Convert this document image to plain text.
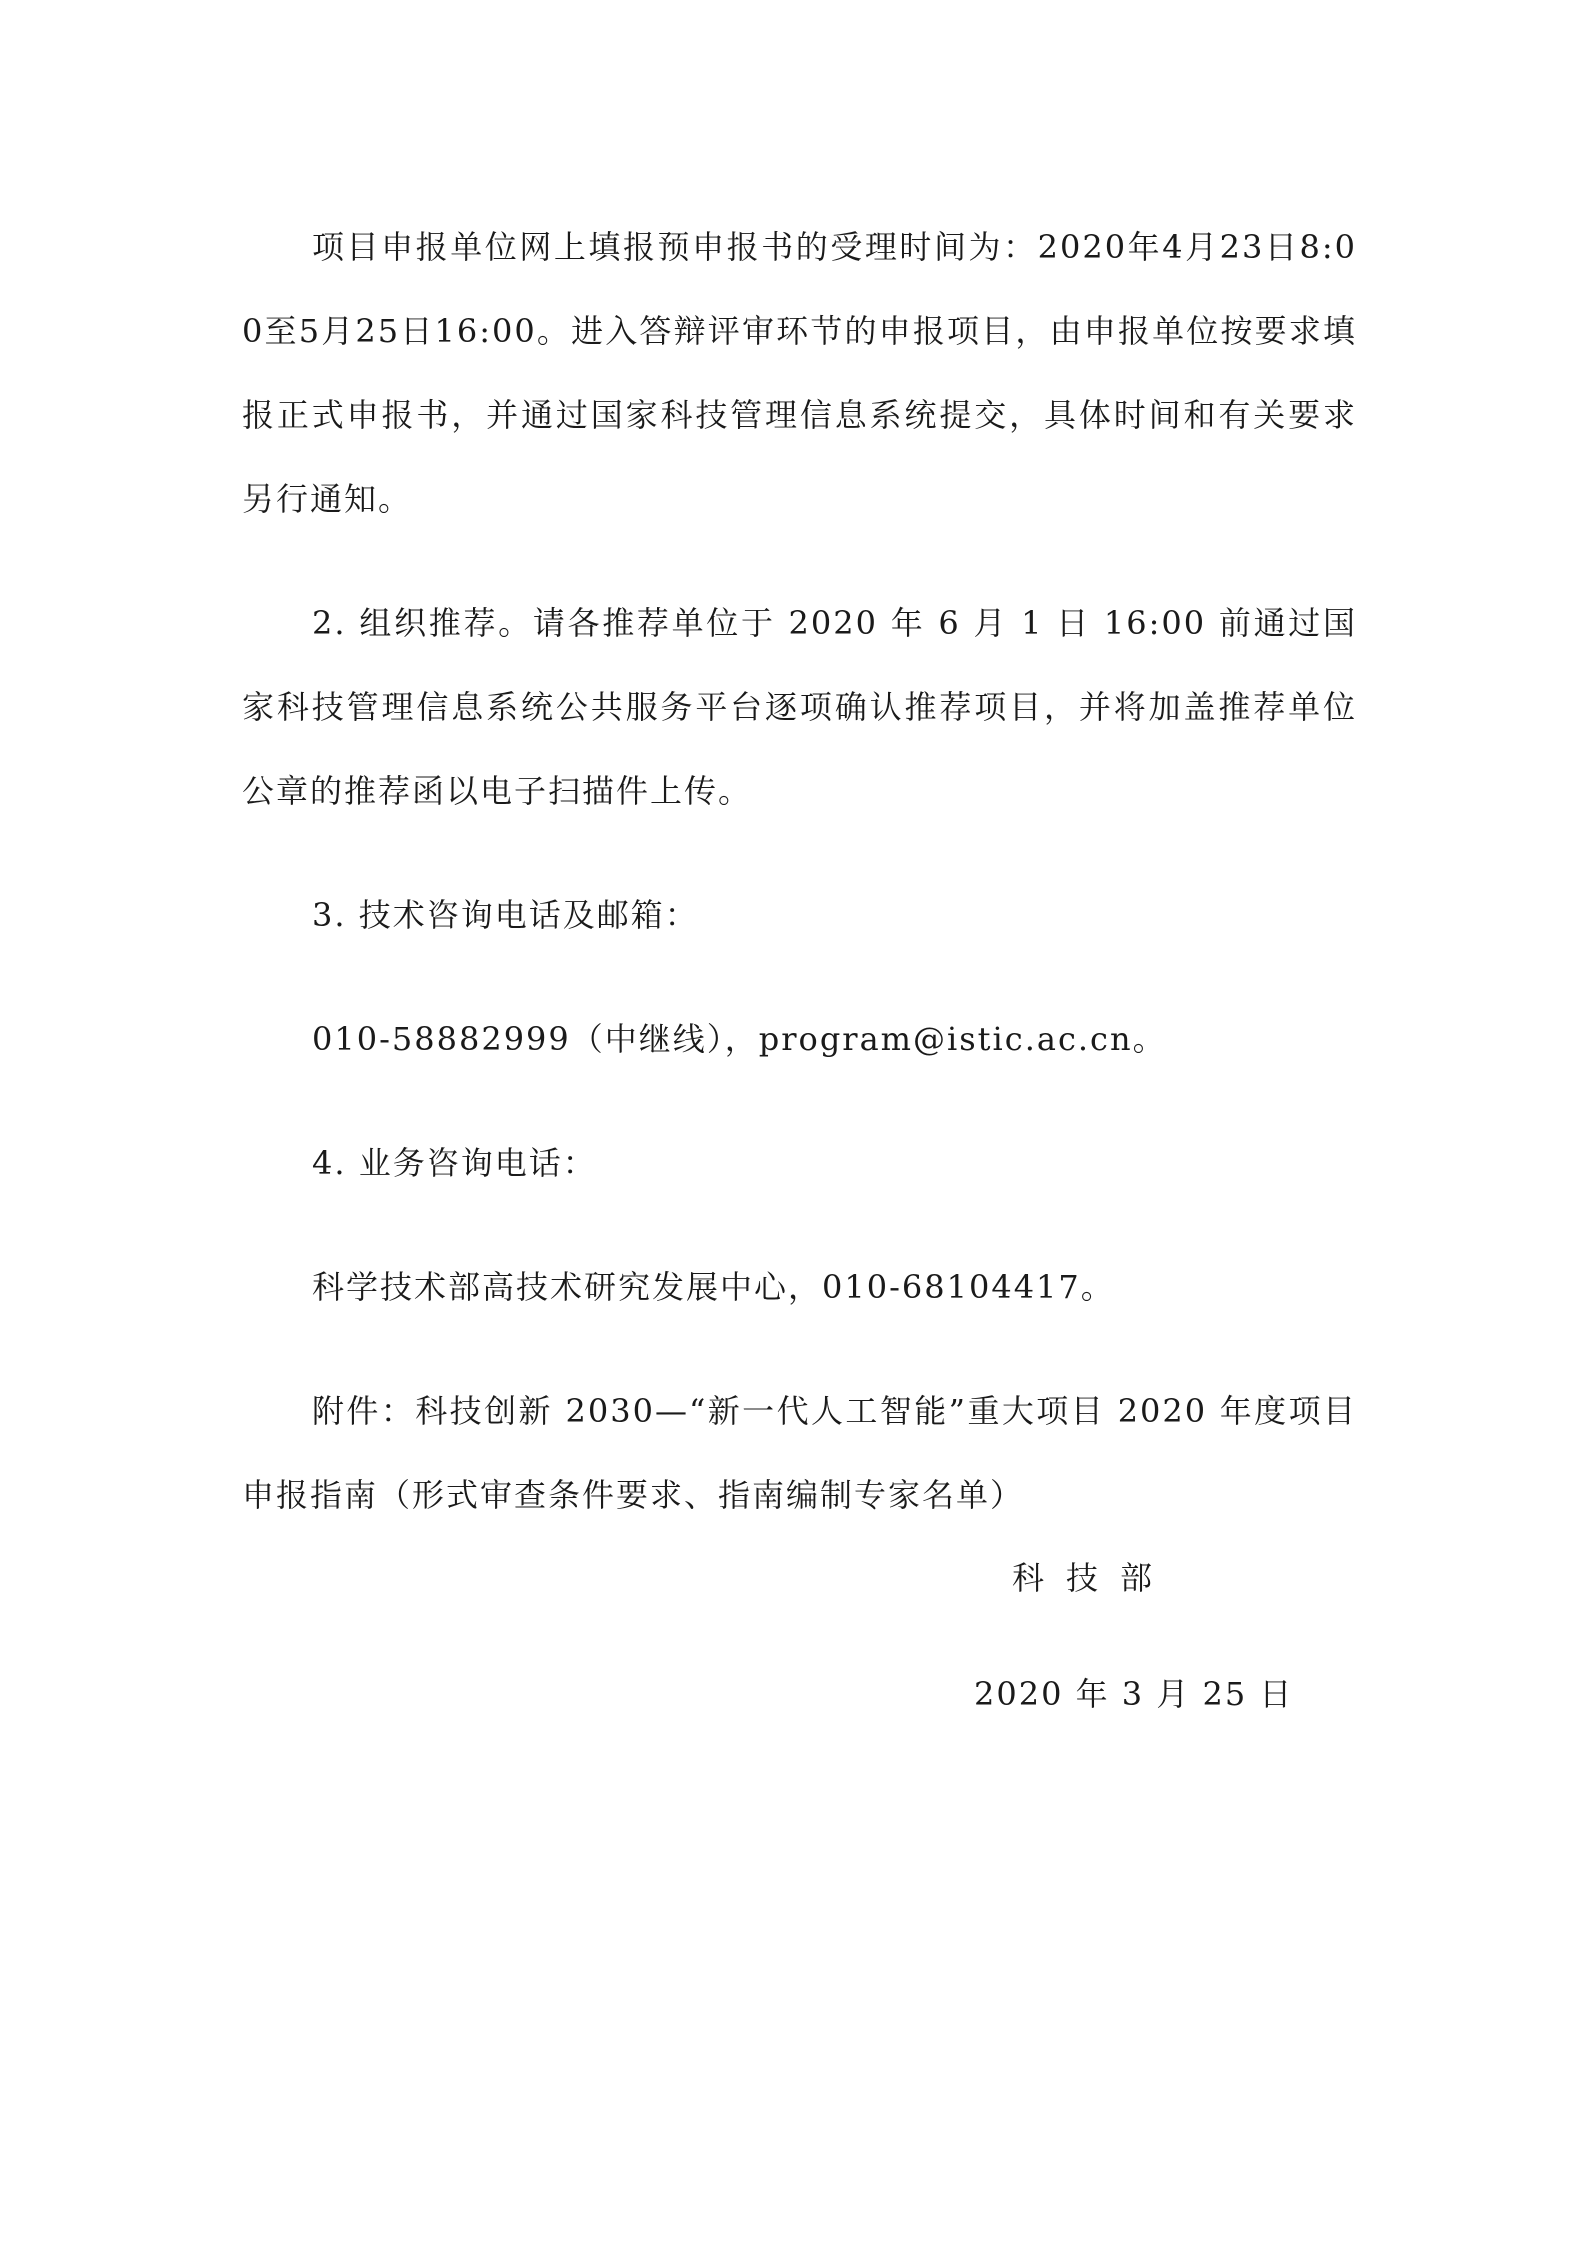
项目申报单位网上填报预申报书的受理时间为：2020年4月23日8:00至5月25日16:00。进入答辩评审环节的申报项目，由申报单位按要求填报正式申报书，并通过国家科技管理信息系统提交，具体时间和有关要求另行通知。

2. 组织推荐。请各推荐单位于 2020 年 6 月 1 日 16:00 前通过国家科技管理信息系统公共服务平台逐项确认推荐项目，并将加盖推荐单位公章的推荐函以电子扫描件上传。

3. 技术咨询电话及邮箱：

010-58882999（中继线），program@istic.ac.cn。

4. 业务咨询电话：

科学技术部高技术研究发展中心，010-68104417。

附件：科技创新 2030—“新一代人工智能”重大项目 2020 年度项目申报指南（形式审查条件要求、指南编制专家名单）

科技部
2020 年 3 月 25 日
